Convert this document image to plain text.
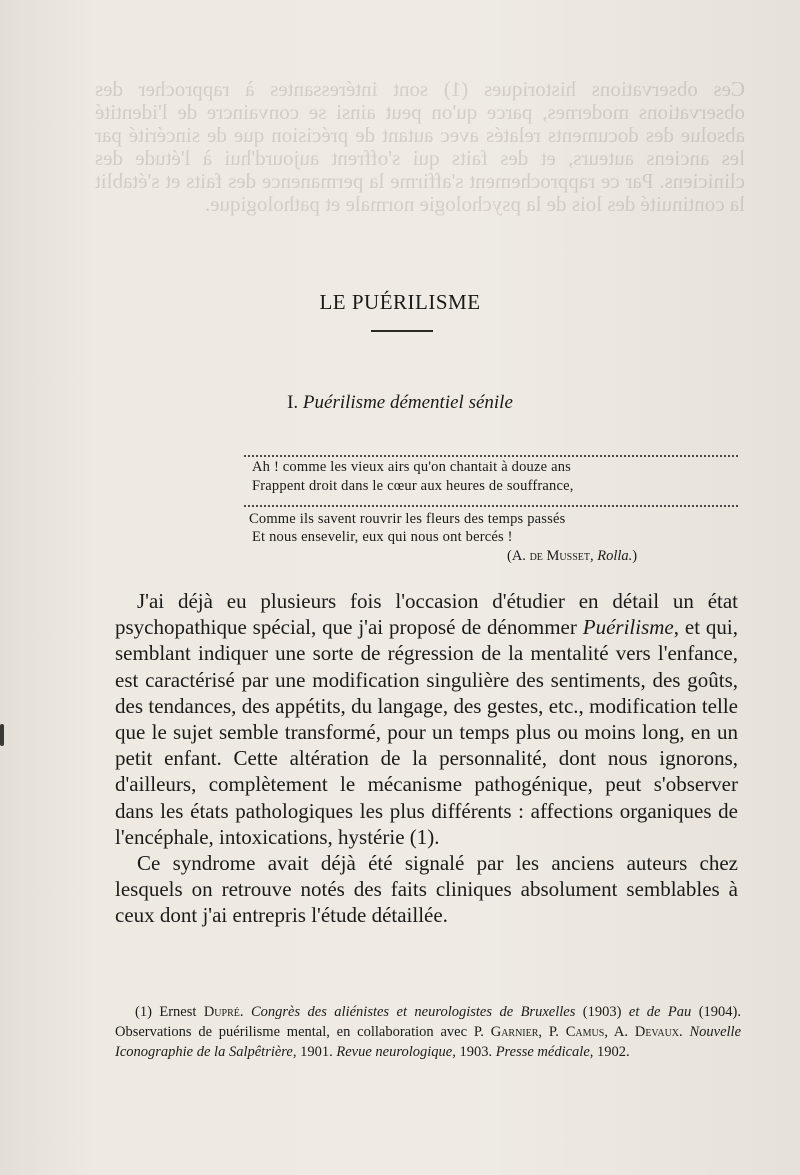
Ces observations historiques (1) sont intéressantes à rapprocher des observations modernes, parce qu'on peut ainsi se convaincre de l'identité absolue des documents relatés avec autant de précision que de sincérité par les anciens auteurs, et des faits qui s'offrent aujourd'hui à l'étude des cliniciens. Par ce rapprochement s'affirme la permanence des faits et s'établit la continuité des lois de la psychologie normale et pathologique.
LE PUÉRILISME
I. Puérilisme démentiel sénile
Ah ! comme les vieux airs qu'on chantait à douze ans
Frappent droit dans le cœur aux heures de souffrance,
Comme ils savent rouvrir les fleurs des temps passés
Et nous ensevelir, eux qui nous ont bercés !
(A. de Musset, Rolla.)

J'ai déjà eu plusieurs fois l'occasion d'étudier en détail un état psychopathique spécial, que j'ai proposé de dénommer Puérilisme, et qui, semblant indiquer une sorte de régression de la mentalité vers l'enfance, est caractérisé par une modification singulière des sentiments, des goûts, des tendances, des appétits, du langage, des gestes, etc., modification telle que le sujet semble transformé, pour un temps plus ou moins long, en un petit enfant. Cette altération de la personnalité, dont nous ignorons, d'ailleurs, complètement le mécanisme pathogénique, peut s'observer dans les états pathologiques les plus différents : affections organiques de l'encéphale, intoxications, hystérie (1).

Ce syndrome avait déjà été signalé par les anciens auteurs chez lesquels on retrouve notés des faits cliniques absolument semblables à ceux dont j'ai entrepris l'étude détaillée.

(1) Ernest Dupré. Congrès des aliénistes et neurologistes de Bruxelles (1903) et de Pau (1904). Observations de puérilisme mental, en collaboration avec P. Garnier, P. Camus, A. Devaux. Nouvelle Iconographie de la Salpêtrière, 1901. Revue neurologique, 1903. Presse médicale, 1902.
